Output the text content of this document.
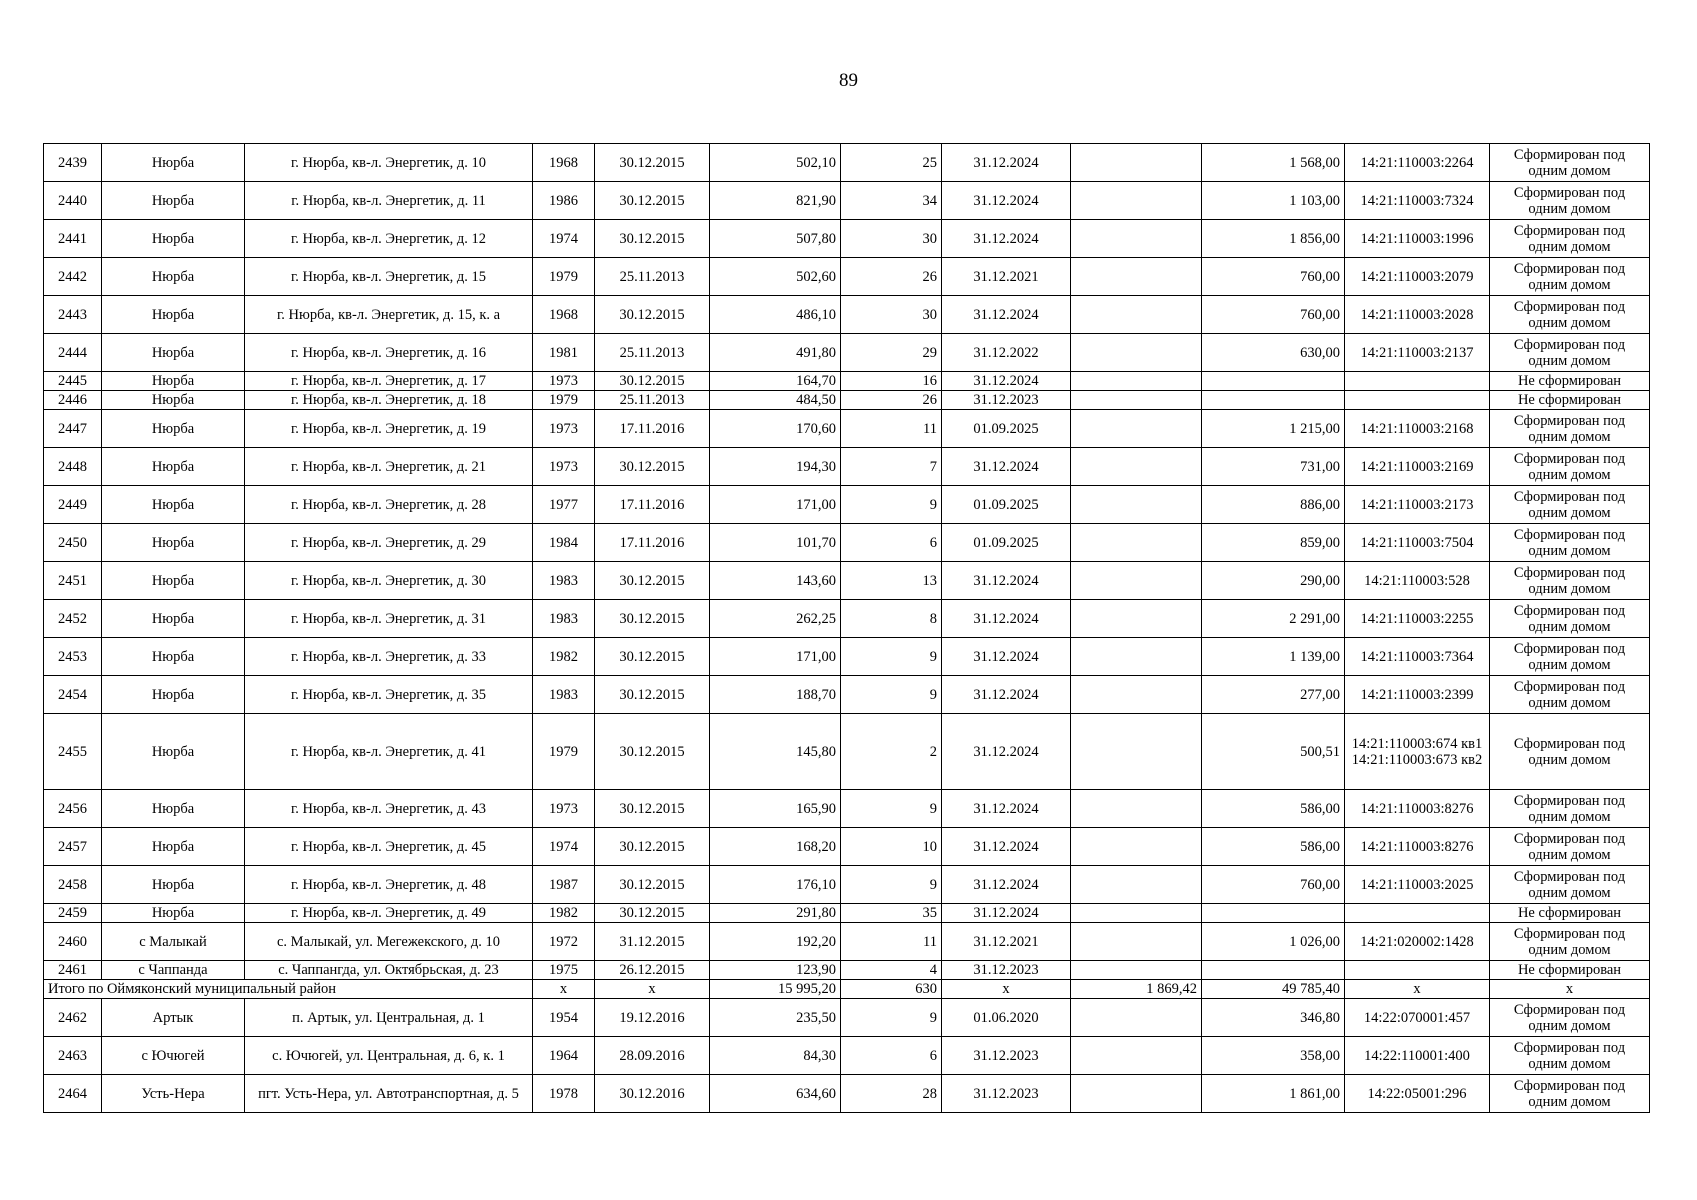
89
2439	Нюрба	г. Нюрба, кв-л. Энергетик, д. 10	1968	30.12.2015	502,10	25	31.12.2024		1 568,00	14:21:110003:2264	Сформирован под одним домом
2440	Нюрба	г. Нюрба, кв-л. Энергетик, д. 11	1986	30.12.2015	821,90	34	31.12.2024		1 103,00	14:21:110003:7324	Сформирован под одним домом
2441	Нюрба	г. Нюрба, кв-л. Энергетик, д. 12	1974	30.12.2015	507,80	30	31.12.2024		1 856,00	14:21:110003:1996	Сформирован под одним домом
2442	Нюрба	г. Нюрба, кв-л. Энергетик, д. 15	1979	25.11.2013	502,60	26	31.12.2021		760,00	14:21:110003:2079	Сформирован под одним домом
2443	Нюрба	г. Нюрба, кв-л. Энергетик, д. 15, к. а	1968	30.12.2015	486,10	30	31.12.2024		760,00	14:21:110003:2028	Сформирован под одним домом
2444	Нюрба	г. Нюрба, кв-л. Энергетик, д. 16	1981	25.11.2013	491,80	29	31.12.2022		630,00	14:21:110003:2137	Сформирован под одним домом
2445	Нюрба	г. Нюрба, кв-л. Энергетик, д. 17	1973	30.12.2015	164,70	16	31.12.2024				Не сформирован
2446	Нюрба	г. Нюрба, кв-л. Энергетик, д. 18	1979	25.11.2013	484,50	26	31.12.2023				Не сформирован
2447	Нюрба	г. Нюрба, кв-л. Энергетик, д. 19	1973	17.11.2016	170,60	11	01.09.2025		1 215,00	14:21:110003:2168	Сформирован под одним домом
2448	Нюрба	г. Нюрба, кв-л. Энергетик, д. 21	1973	30.12.2015	194,30	7	31.12.2024		731,00	14:21:110003:2169	Сформирован под одним домом
2449	Нюрба	г. Нюрба, кв-л. Энергетик, д. 28	1977	17.11.2016	171,00	9	01.09.2025		886,00	14:21:110003:2173	Сформирован под одним домом
2450	Нюрба	г. Нюрба, кв-л. Энергетик, д. 29	1984	17.11.2016	101,70	6	01.09.2025		859,00	14:21:110003:7504	Сформирован под одним домом
2451	Нюрба	г. Нюрба, кв-л. Энергетик, д. 30	1983	30.12.2015	143,60	13	31.12.2024		290,00	14:21:110003:528	Сформирован под одним домом
2452	Нюрба	г. Нюрба, кв-л. Энергетик, д. 31	1983	30.12.2015	262,25	8	31.12.2024		2 291,00	14:21:110003:2255	Сформирован под одним домом
2453	Нюрба	г. Нюрба, кв-л. Энергетик, д. 33	1982	30.12.2015	171,00	9	31.12.2024		1 139,00	14:21:110003:7364	Сформирован под одним домом
2454	Нюрба	г. Нюрба, кв-л. Энергетик, д. 35	1983	30.12.2015	188,70	9	31.12.2024		277,00	14:21:110003:2399	Сформирован под одним домом
2455	Нюрба	г. Нюрба, кв-л. Энергетик, д. 41	1979	30.12.2015	145,80	2	31.12.2024		500,51	14:21:110003:674 кв1 14:21:110003:673 кв2	Сформирован под одним домом
2456	Нюрба	г. Нюрба, кв-л. Энергетик, д. 43	1973	30.12.2015	165,90	9	31.12.2024		586,00	14:21:110003:8276	Сформирован под одним домом
2457	Нюрба	г. Нюрба, кв-л. Энергетик, д. 45	1974	30.12.2015	168,20	10	31.12.2024		586,00	14:21:110003:8276	Сформирован под одним домом
2458	Нюрба	г. Нюрба, кв-л. Энергетик, д. 48	1987	30.12.2015	176,10	9	31.12.2024		760,00	14:21:110003:2025	Сформирован под одним домом
2459	Нюрба	г. Нюрба, кв-л. Энергетик, д. 49	1982	30.12.2015	291,80	35	31.12.2024				Не сформирован
2460	с Малыкай	с. Малыкай, ул. Мегежекского, д. 10	1972	31.12.2015	192,20	11	31.12.2021		1 026,00	14:21:020002:1428	Сформирован под одним домом
2461	с Чаппанда	с. Чаппангда, ул. Октябрьская, д. 23	1975	26.12.2015	123,90	4	31.12.2023				Не сформирован
Итого по Оймяконский муниципальный район			х	х	15 995,20	630	х	1 869,42	49 785,40	х	х
2462	Артык	п. Артык, ул. Центральная, д. 1	1954	19.12.2016	235,50	9	01.06.2020		346,80	14:22:070001:457	Сформирован под одним домом
2463	с Ючюгей	с. Ючюгей, ул. Центральная, д. 6, к. 1	1964	28.09.2016	84,30	6	31.12.2023		358,00	14:22:110001:400	Сформирован под одним домом
2464	Усть-Нера	пгт. Усть-Нера, ул. Автотранспортная, д. 5	1978	30.12.2016	634,60	28	31.12.2023		1 861,00	14:22:05001:296	Сформирован под одним домом
